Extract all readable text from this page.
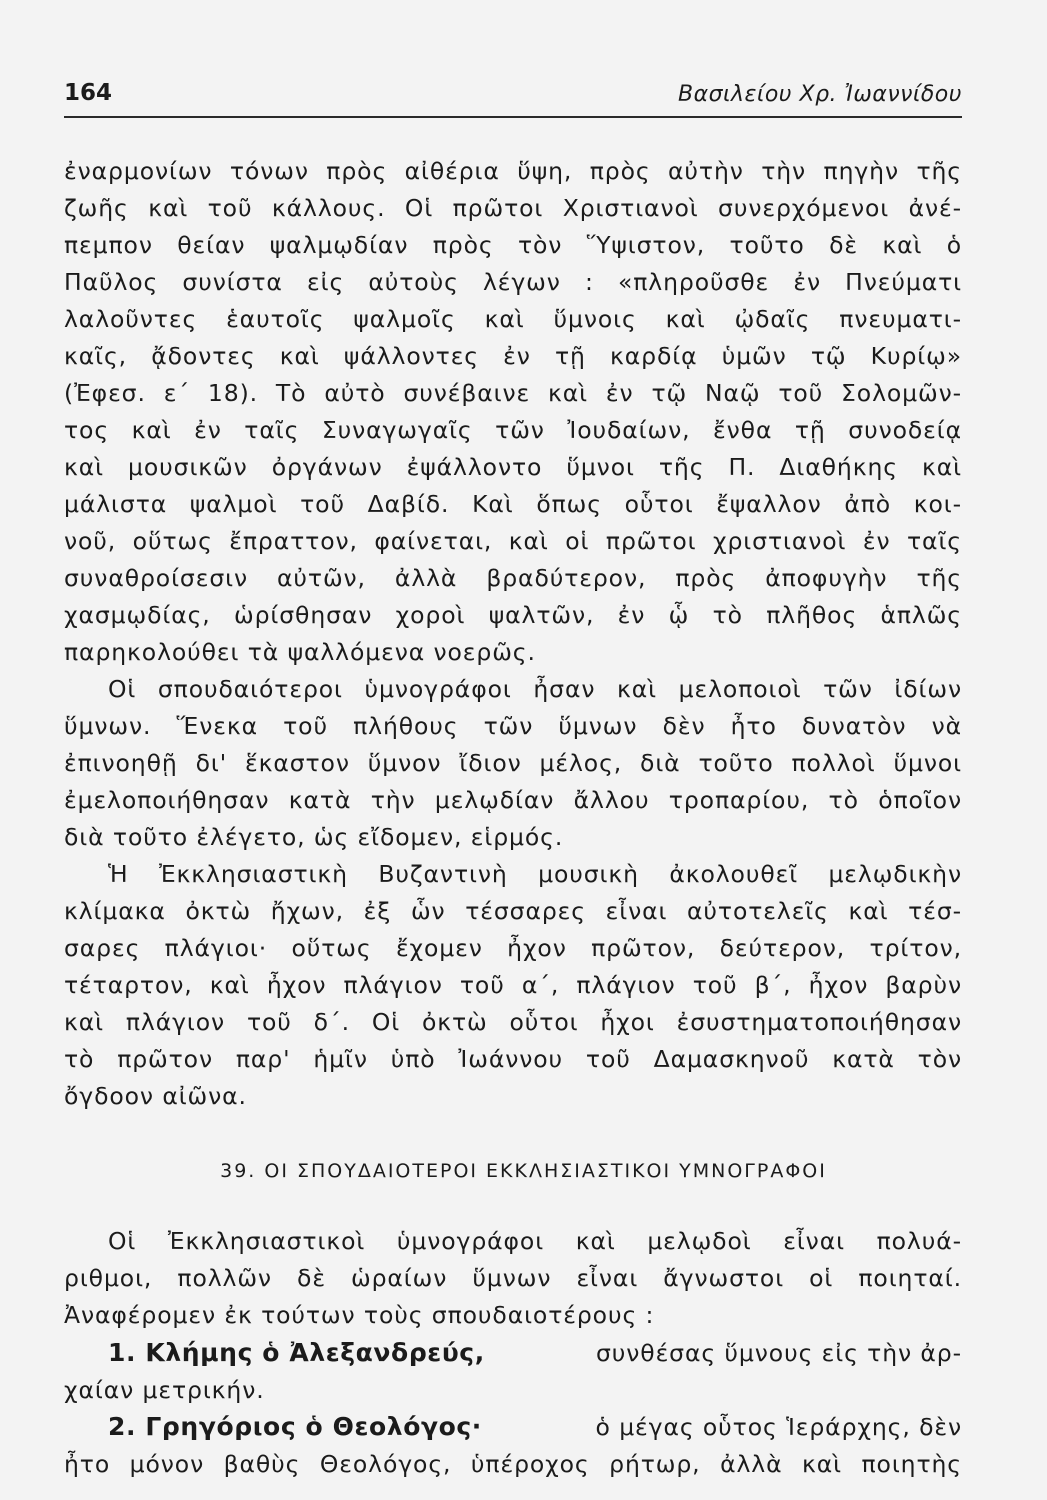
164	Βασιλείου Χρ. Ἰωαννίδου
ἐναρμονίων τόνων πρὸς αἰθέρια ὕψη, πρὸς αὐτὴν τὴν πηγὴν τῆς
ζωῆς καὶ τοῦ κάλλους. Οἱ πρῶτοι Χριστιανοὶ συνερχόμενοι ἀνέ-
πεμπον θείαν ψαλμῳδίαν πρὸς τὸν Ὕψιστον, τοῦτο δὲ καὶ ὁ
Παῦλος συνίστα εἰς αὐτοὺς λέγων : «πληροῦσθε ἐν Πνεύματι
λαλοῦντες ἑαυτοῖς ψαλμοῖς καὶ ὕμνοις καὶ ᾠδαῖς πνευματι-
καῖς, ᾄδοντες καὶ ψάλλοντες ἐν τῇ καρδίᾳ ὑμῶν τῷ Κυρίῳ»
(Ἐφεσ. ε΄ 18). Τὸ αὐτὸ συνέβαινε καὶ ἐν τῷ Ναῷ τοῦ Σολομῶν-
τος καὶ ἐν ταῖς Συναγωγαῖς τῶν Ἰουδαίων, ἔνθα τῇ συνοδείᾳ
καὶ μουσικῶν ὀργάνων ἐψάλλοντο ὕμνοι τῆς Π. Διαθήκης καὶ
μάλιστα ψαλμοὶ τοῦ Δαβίδ. Καὶ ὅπως οὗτοι ἔψαλλον ἀπὸ κοι-
νοῦ, οὕτως ἔπραττον, φαίνεται, καὶ οἱ πρῶτοι χριστιανοὶ ἐν ταῖς
συναθροίσεσιν αὐτῶν, ἀλλὰ βραδύτερον, πρὸς ἀποφυγὴν τῆς
χασμῳδίας, ὡρίσθησαν χοροὶ ψαλτῶν, ἐν ᾧ τὸ πλῆθος ἁπλῶς
παρηκολούθει τὰ ψαλλόμενα νοερῶς.
Οἱ σπουδαιότεροι ὑμνογράφοι ἦσαν καὶ μελοποιοὶ τῶν ἰδίων
ὕμνων. Ἕνεκα τοῦ πλήθους τῶν ὕμνων δὲν ἦτο δυνατὸν νὰ
ἐπινοηθῇ δι' ἕκαστον ὕμνον ἴδιον μέλος, διὰ τοῦτο πολλοὶ ὕμνοι
ἐμελοποιήθησαν κατὰ τὴν μελῳδίαν ἄλλου τροπαρίου, τὸ ὁποῖον
διὰ τοῦτο ἐλέγετο, ὡς εἴδομεν, εἱρμός.
Ἡ Ἐκκλησιαστικὴ Βυζαντινὴ μουσικὴ ἀκολουθεῖ μελῳδικὴν
κλίμακα ὀκτὼ ἤχων, ἐξ ὧν τέσσαρες εἶναι αὐτοτελεῖς καὶ τέσ-
σαρες πλάγιοι· οὕτως ἔχομεν ἦχον πρῶτον, δεύτερον, τρίτον,
τέταρτον, καὶ ἦχον πλάγιον τοῦ α΄, πλάγιον τοῦ β΄, ἦχον βαρὺν
καὶ πλάγιον τοῦ δ΄. Οἱ ὀκτὼ οὗτοι ἦχοι ἐσυστηματοποιήθησαν
τὸ πρῶτον παρ' ἡμῖν ὑπὸ Ἰωάννου τοῦ Δαμασκηνοῦ κατὰ τὸν
ὄγδοον αἰῶνα.
39. ΟΙ ΣΠΟΥΔΑΙΟΤΕΡΟΙ ΕΚΚΛΗΣΙΑΣΤΙΚΟΙ ΥΜΝΟΓΡΑΦΟΙ
Οἱ Ἐκκλησιαστικοὶ ὑμνογράφοι καὶ μελῳδοὶ εἶναι πολυά-
ριθμοι, πολλῶν δὲ ὡραίων ὕμνων εἶναι ἄγνωστοι οἱ ποιηταί.
Ἀναφέρομεν ἐκ τούτων τοὺς σπουδαιοτέρους :
1. Κλήμης ὁ Ἀλεξανδρεύς,	συνθέσας ὕμνους εἰς τὴν ἀρ-
χαίαν μετρικήν.
2. Γρηγόριος ὁ Θεολόγος·	ὁ μέγας οὗτος Ἱεράρχης, δὲν
ἦτο μόνον βαθὺς Θεολόγος, ὑπέροχος ρήτωρ, ἀλλὰ καὶ ποιητὴς
